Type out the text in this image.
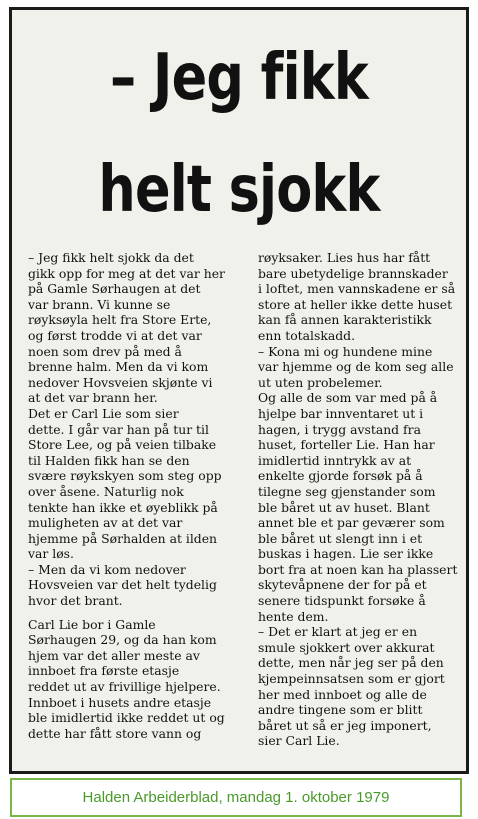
– Jeg fikk
helt sjokk
– Jeg fikk helt sjokk da det
gikk opp for meg at det var her
på Gamle Sørhaugen at det
var brann. Vi kunne se
røyksøyla helt fra Store Erte,
og først trodde vi at det var
noen som drev på med å
brenne halm. Men da vi kom
nedover Hovsveien skjønte vi
at det var brann her.
Det er Carl Lie som sier
dette. I går var han på tur til
Store Lee, og på veien tilbake
til Halden fikk han se den
svære røykskyen som steg opp
over åsene. Naturlig nok
tenkte han ikke et øyeblikk på
muligheten av at det var
hjemme på Sørhalden at ilden
var løs.
– Men da vi kom nedover
Hovsveien var det helt tydelig
hvor det brant.
Carl Lie bor i Gamle
Sørhaugen 29, og da han kom
hjem var det aller meste av
innboet fra første etasje
reddet ut av frivillige hjelpere.
Innboet i husets andre etasje
ble imidlertid ikke reddet ut og
dette har fått store vann og
røyksaker. Lies hus har fått
bare ubetydelige brannskader
i loftet, men vannskadene er så
store at heller ikke dette huset
kan få annen karakteristikk
enn totalskadd.
– Kona mi og hundene mine
var hjemme og de kom seg alle
ut uten probelemer.
Og alle de som var med på å
hjelpe bar innventaret ut i
hagen, i trygg avstand fra
huset, forteller Lie. Han har
imidlertid inntrykk av at
enkelte gjorde forsøk på å
tilegne seg gjenstander som
ble båret ut av huset. Blant
annet ble et par geværer som
ble båret ut slengt inn i et
buskas i hagen. Lie ser ikke
bort fra at noen kan ha plassert
skytevåpnene der for på et
senere tidspunkt forsøke å
hente dem.
– Det er klart at jeg er en
smule sjokkert over akkurat
dette, men når jeg ser på den
kjempeinnsatsen som er gjort
her med innboet og alle de
andre tingene som er blitt
båret ut så er jeg imponert,
sier Carl Lie.
Halden Arbeiderblad, mandag 1. oktober 1979
